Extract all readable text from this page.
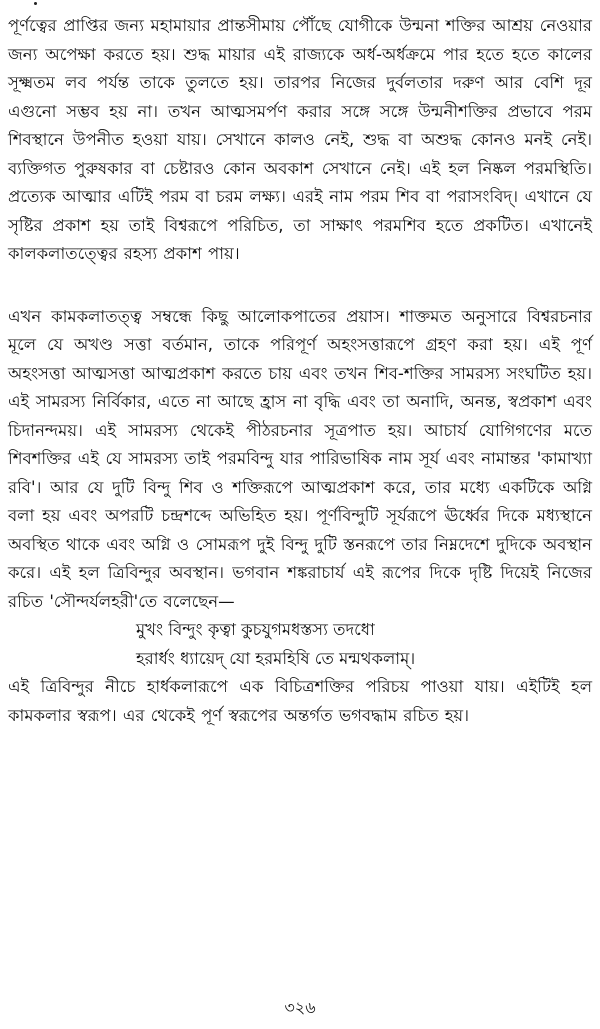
পূর্ণত্বের প্রাপ্তির জন্য মহামায়ার প্রান্তসীমায় পৌঁছে যোগীকে উন্মনা শক্তির আশ্রয় নেওয়ার জন্য অপেক্ষা করতে হয়। শুদ্ধ মায়ার এই রাজ্যকে অর্ধ-অর্ধক্রমে পার হতে হতে কালের সূক্ষ্মতম লব পর্যন্ত তাকে তুলতে হয়। তারপর নিজের দুর্বলতার দরুণ আর বেশি দূর এগুনো সম্ভব হয় না। তখন আত্মসমর্পণ করার সঙ্গে সঙ্গে উন্মনীশক্তির প্রভাবে পরম শিবস্থানে উপনীত হওয়া যায়। সেখানে কালও নেই, শুদ্ধ বা অশুদ্ধ কোনও মনই নেই। ব্যক্তিগত পুরুষকার বা চেষ্টারও কোন অবকাশ সেখানে নেই। এই হল নিষ্কল পরমস্থিতি। প্রত্যেক আত্মার এটিই পরম বা চরম লক্ষ্য। এরই নাম পরম শিব বা পরাসংবিদ্। এখানে যে সৃষ্টির প্রকাশ হয় তাই বিশ্বরূপে পরিচিত, তা সাক্ষাৎ পরমশিব হতে প্রকটিত। এখানেই কালকলাতত্ত্বের রহস্য প্রকাশ পায়।

এখন কামকলাতত্ত্ব সম্বন্ধে কিছু আলোকপাতের প্রয়াস। শাক্তমত অনুসারে বিশ্বরচনার মূলে যে অখণ্ড সত্তা বর্তমান, তাকে পরিপূর্ণ অহংসত্তারূপে গ্রহণ করা হয়। এই পূর্ণ অহংসত্তা আত্মসত্তা আত্মপ্রকাশ করতে চায় এবং তখন শিব-শক্তির সামরস্য সংঘটিত হয়। এই সামরস্য নির্বিকার, এতে না আছে হ্রাস না বৃদ্ধি এবং তা অনাদি, অনন্ত, স্বপ্রকাশ এবং চিদানন্দময়। এই সামরস্য থেকেই পীঠরচনার সূত্রপাত হয়। আচার্য যোগিগণের মতে শিবশক্তির এই যে সামরস্য তাই পরমবিন্দু যার পারিভাষিক নাম সূর্য এবং নামান্তর 'কামাখ্যা রবি'। আর যে দুটি বিন্দু শিব ও শক্তিরূপে আত্মপ্রকাশ করে, তার মধ্যে একটিকে অগ্নি বলা হয় এবং অপরটি চন্দ্রশব্দে অভিহিত হয়। পূর্ণবিন্দুটি সূর্যরূপে ঊর্ধ্বের দিকে মধ্যস্থানে অবস্থিত থাকে এবং অগ্নি ও সোমরূপ দুই বিন্দু দুটি স্তনরূপে তার নিম্নদেশে দুদিকে অবস্থান করে। এই হল ত্রিবিন্দুর অবস্থান। ভগবান শঙ্করাচার্য এই রূপের দিকে দৃষ্টি দিয়েই নিজের রচিত 'সৌন্দর্যলহরী'তে বলেছেন—

মুখং বিন্দুং কৃত্বা কুচযুগমধস্তস্য তদধো
হরার্ধং ধ্যায়েদ্ যো হরমহিষি তে মন্মথকলাম্।

এই ত্রিবিন্দুর নীচে হার্ধকলারূপে এক বিচিত্রশক্তির পরিচয় পাওয়া যায়। এইটিই হল কামকলার স্বরূপ। এর থেকেই পূর্ণ স্বরূপের অন্তর্গত ভগবদ্ধাম রচিত হয়।

৩২৬
